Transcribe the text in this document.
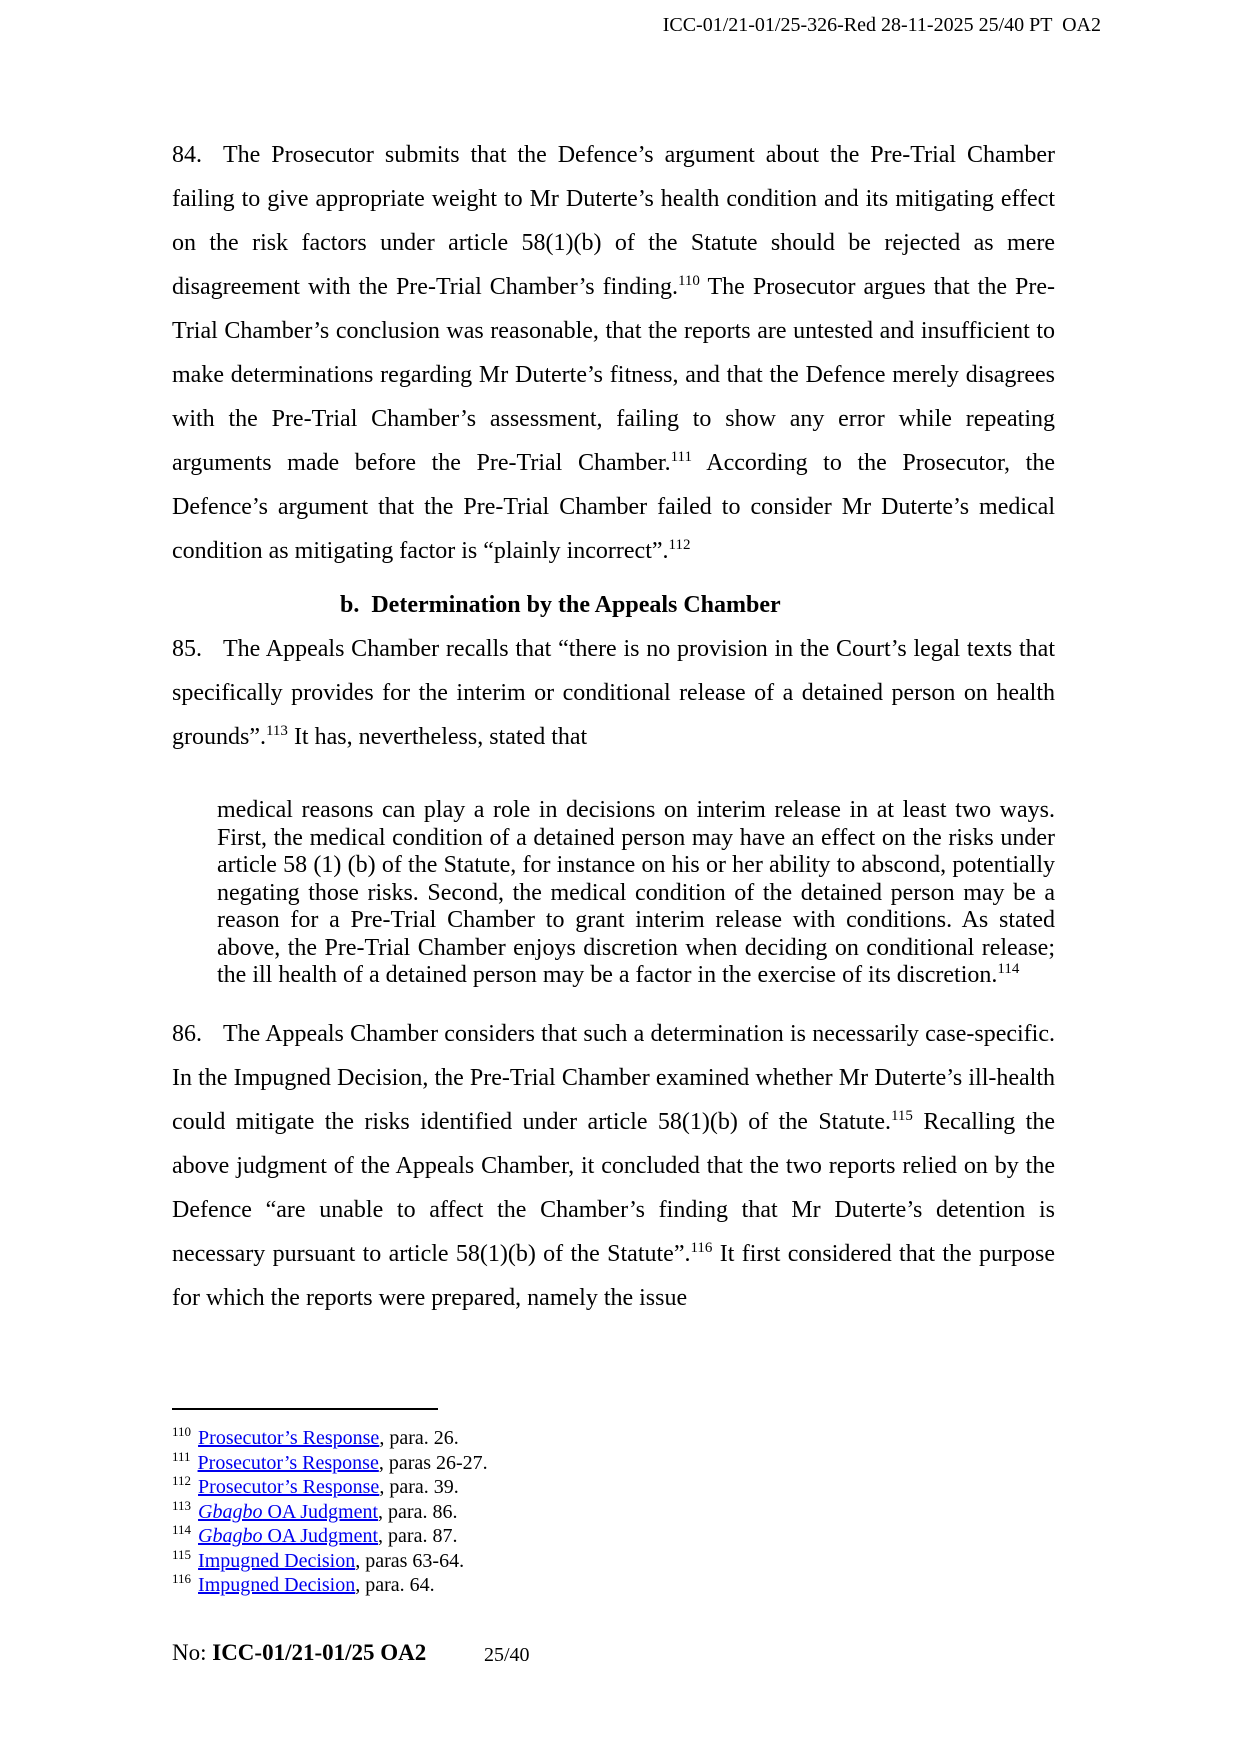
ICC-01/21-01/25-326-Red 28-11-2025 25/40 PT  OA2

84. The Prosecutor submits that the Defence’s argument about the Pre-Trial Chamber failing to give appropriate weight to Mr Duterte’s health condition and its mitigating effect on the risk factors under article 58(1)(b) of the Statute should be rejected as mere disagreement with the Pre-Trial Chamber’s finding.$^{110}$ The Prosecutor argues that the Pre-Trial Chamber’s conclusion was reasonable, that the reports are untested and insufficient to make determinations regarding Mr Duterte’s fitness, and that the Defence merely disagrees with the Pre-Trial Chamber’s assessment, failing to show any error while repeating arguments made before the Pre-Trial Chamber.$^{111}$ According to the Prosecutor, the Defence’s argument that the Pre-Trial Chamber failed to consider Mr Duterte’s medical condition as mitigating factor is “plainly incorrect”.$^{112}$

b.  Determination by the Appeals Chamber

85. The Appeals Chamber recalls that “there is no provision in the Court’s legal texts that specifically provides for the interim or conditional release of a detained person on health grounds”.$^{113}$ It has, nevertheless, stated that

medical reasons can play a role in decisions on interim release in at least two ways. First, the medical condition of a detained person may have an effect on the risks under article 58 (1) (b) of the Statute, for instance on his or her ability to abscond, potentially negating those risks. Second, the medical condition of the detained person may be a reason for a Pre-Trial Chamber to grant interim release with conditions. As stated above, the Pre-Trial Chamber enjoys discretion when deciding on conditional release; the ill health of a detained person may be a factor in the exercise of its discretion.$^{114}$

86. The Appeals Chamber considers that such a determination is necessarily case-specific. In the Impugned Decision, the Pre-Trial Chamber examined whether Mr Duterte’s ill-health could mitigate the risks identified under article 58(1)(b) of the Statute.$^{115}$ Recalling the above judgment of the Appeals Chamber, it concluded that the two reports relied on by the Defence “are unable to affect the Chamber’s finding that Mr Duterte’s detention is necessary pursuant to article 58(1)(b) of the Statute”.$^{116}$ It first considered that the purpose for which the reports were prepared, namely the issue

$^{110}$ Prosecutor’s Response, para. 26.
$^{111}$ Prosecutor’s Response, paras 26-27.
$^{112}$ Prosecutor’s Response, para. 39.
$^{113}$ Gbagbo OA Judgment, para. 86.
$^{114}$ Gbagbo OA Judgment, para. 87.
$^{115}$ Impugned Decision, paras 63-64.
$^{116}$ Impugned Decision, para. 64.
No: ICC-01/21-01/25 OA2	25/40
